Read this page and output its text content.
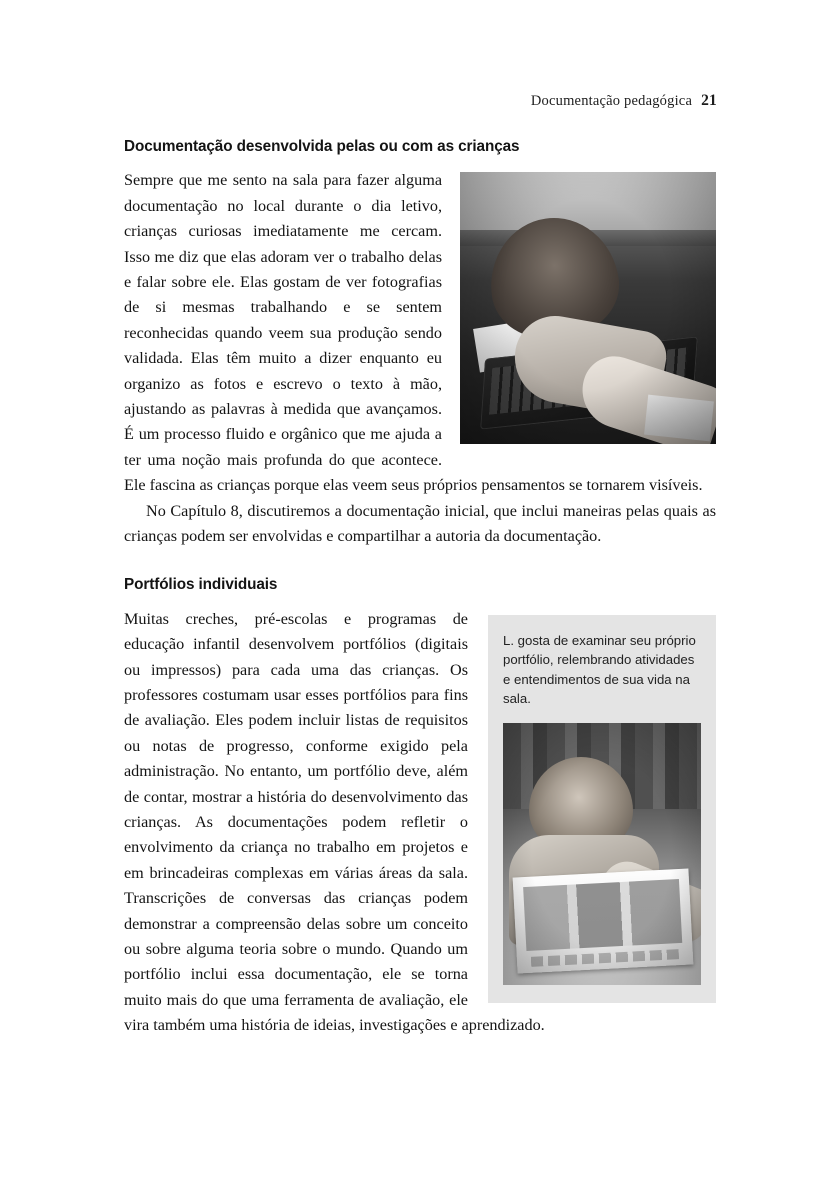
Documentação pedagógica 21
Documentação desenvolvida pelas ou com as crianças

Sempre que me sento na sala para fazer alguma documentação no local durante o dia letivo, crianças curiosas imediatamente me cercam. Isso me diz que elas adoram ver o trabalho delas e falar sobre ele. Elas gostam de ver fotografias de si mesmas trabalhando e se sentem reconhecidas quando veem sua produção sendo validada. Elas têm muito a dizer enquanto eu organizo as fotos e escrevo o texto à mão, ajustando as palavras à medida que avançamos. É um processo fluido e orgânico que me ajuda a ter uma noção mais profunda do que acontece. Ele fascina as crianças porque elas veem seus próprios pensamentos se tornarem visíveis.

No Capítulo 8, discutiremos a documentação inicial, que inclui maneiras pelas quais as crianças podem ser envolvidas e compartilhar a autoria da documentação.

Portfólios individuais

L. gosta de examinar seu próprio portfólio, relembrando atividades e entendimentos de sua vida na sala.

Muitas creches, pré-escolas e programas de educação infantil desenvolvem portfólios (digitais ou impressos) para cada uma das crianças. Os professores costumam usar esses portfólios para fins de avaliação. Eles podem incluir listas de requisitos ou notas de progresso, conforme exigido pela administração. No entanto, um portfólio deve, além de contar, mostrar a história do desenvolvimento das crianças. As documentações podem refletir o envolvimento da criança no trabalho em projetos e em brincadeiras complexas em várias áreas da sala. Transcrições de conversas das crianças podem demonstrar a compreensão delas sobre um conceito ou sobre alguma teoria sobre o mundo. Quando um portfólio inclui essa documentação, ele se torna muito mais do que uma ferramenta de avaliação, ele vira também uma história de ideias, investigações e aprendizado.
